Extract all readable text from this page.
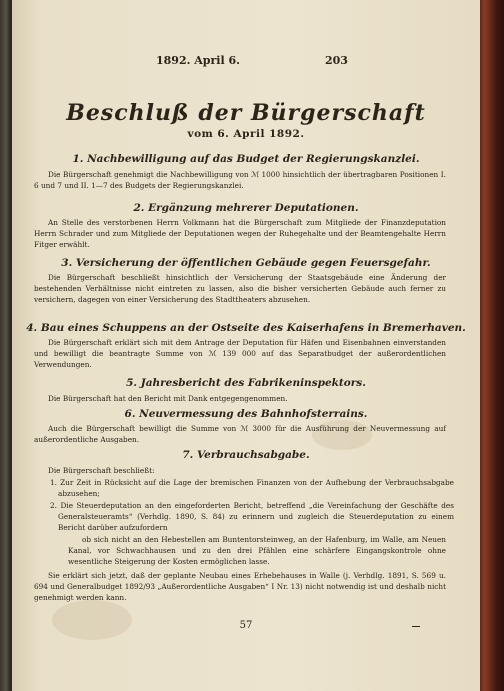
1892. April 6.	203
Beschluß der Bürgerschaft
vom 6. April 1892.
1. Nachbewilligung auf das Budget der Regierungskanzlei.
Die Bürgerschaft genehmigt die Nachbewilligung von ℳ 1000 hinsichtlich der übertragbaren Positionen I. 6 und 7 und II. 1—7 des Budgets der Regierungskanzlei.
2. Ergänzung mehrerer Deputationen.
An Stelle des verstorbenen Herrn Volkmann hat die Bürgerschaft zum Mitgliede der Finanzdeputation Herrn Schrader und zum Mitgliede der Deputationen wegen der Ruhegehalte und der Beamtengehalte Herrn Fitger erwählt.
3. Versicherung der öffentlichen Gebäude gegen Feuersgefahr.
Die Bürgerschaft beschließt hinsichtlich der Versicherung der Staatsgebäude eine Änderung der bestehenden Verhältnisse nicht eintreten zu lassen, also die bisher versicherten Gebäude auch ferner zu versichern, dagegen von einer Versicherung des Stadttheaters abzusehen.
4. Bau eines Schuppens an der Ostseite des Kaiserhafens in Bremerhaven.
Die Bürgerschaft erklärt sich mit dem Antrage der Deputation für Häfen und Eisenbahnen einverstanden und bewilligt die beantragte Summe von ℳ 139 000 auf das Separatbudget der außerordentlichen Verwendungen.
5. Jahresbericht des Fabrikeninspektors.
Die Bürgerschaft hat den Bericht mit Dank entgegengenommen.
6. Neuvermessung des Bahnhofsterrains.
Auch die Bürgerschaft bewilligt die Summe von ℳ 3000 für die Ausführung der Neuvermessung auf außerordentliche Ausgaben.
7. Verbrauchsabgabe.
Die Bürgerschaft beschließt:
1. Zur Zeit in Rücksicht auf die Lage der bremischen Finanzen von der Aufhebung der Verbrauchsabgabe abzusehen;
2. Die Steuerdeputation an den eingeforderten Bericht, betreffend „die Vereinfachung der Geschäfte des Generalsteueramts“ (Verhdlg. 1890, S. 84) zu erinnern und zugleich die Steuerdeputation zu einem Bericht darüber aufzufordern
ob sich nicht an den Hebestellen am Buntentorsteinweg, an der Hafenburg, im Walle, am Neuen Kanal, vor Schwachhausen und zu den drei Pfählen eine schärfere Eingangskontrole ohne wesentliche Steigerung der Kosten ermöglichen lasse.
Sie erklärt sich jetzt, daß der geplante Neubau eines Erhebehauses in Walle (j. Verhdlg. 1891, S. 569 u. 694 und Generalbudget 1892/93 „Außerordentliche Ausgaben“ I Nr. 13) nicht notwendig ist und deshalb nicht genehmigt werden kann.
57
